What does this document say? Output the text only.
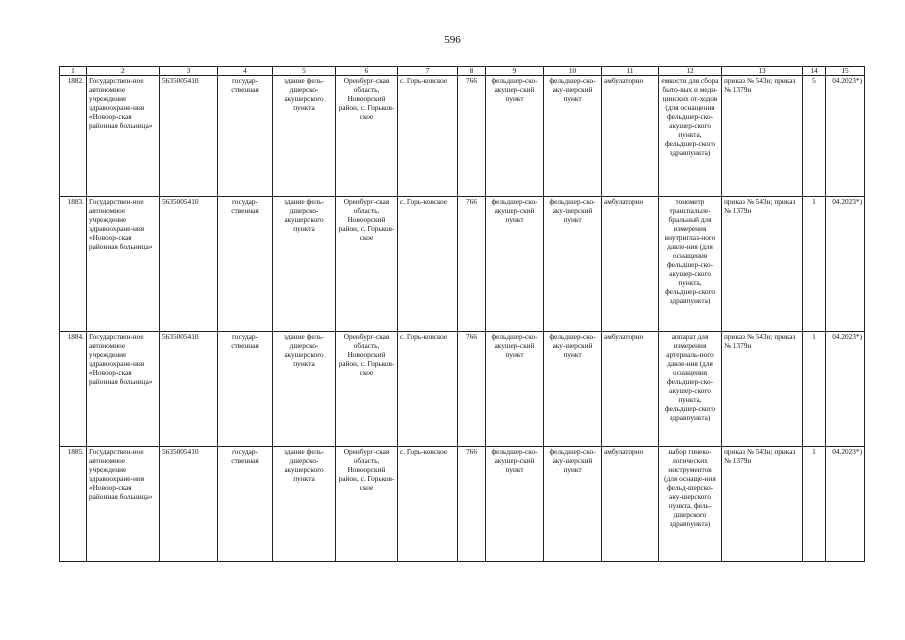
596
1	2	3	4	5	6	7	8	9	10	11	12	13	14	15
1882.	Государствен-ное автономное учреждение здравоохране-ния «Новоор-ская районная больница»	5635005410	государ-ственная	здание фель-дшерско-акушерского пункта	Оренбург-ская область, Новоорский район, с. Горьков-ское	с. Горь-ковское	766	фельдшер-ско-акушер-ский пункт	фельдшер-ско-аку-шерский пункт	амбулаторно	емкости для сбора быто-вых и меди-цинских от-ходов (для оснащения фельдшер-ско-акушер-ского пункта, фельдшер-ского здравпункта)	приказ № 543н; приказ № 1379н	5	04.2023*)
1883.	Государствен-ное автономное учреждение здравоохране-ния «Новоор-ская районная больница»	5635005410	государ-ственная	здание фель-дшерско-акушерского пункта	Оренбург-ская область, Новоорский район, с. Горьков-ское	с. Горь-ковское	766	фельдшер-ско-акушер-ский пункт	фельдшер-ско-аку-шерский пункт	амбулаторно	тонометр транспальпе-бральный для измерения внутриглаз-ного давле-ния (для оснащения фельдшер-ско-акушер-ского пункта, фельдшер-ского здравпункта)	приказ № 543н; приказ № 1379н	1	04.2023*)
1884.	Государствен-ное автономное учреждение здравоохране-ния «Новоор-ская районная больница»	5635005410	государ-ственная	здание фель-дшерско-акушерского пункта	Оренбург-ская область, Новоорский район, с. Горьков-ское	с. Горь-ковское	766	фельдшер-ско-акушер-ский пункт	фельдшер-ско-аку-шерский пункт	амбулаторно	аппарат для измерения артериаль-ного давле-ния (для оснащения фельдшер-ско-акушер-ского пункта, фельдшер-ского здравпункта)	приказ № 543н; приказ № 1379н	1	04.2023*)
1885.	Государствен-ное автономное учреждение здравоохране-ния «Новоор-ская районная больница»	5635005410	государ-ственная	здание фель-дшерско-акушерского пункта	Оренбург-ская область, Новоорский район, с. Горьков-ское	с. Горь-ковское	766	фельдшер-ско-акушер-ский пункт	фельдшер-ско-аку-шерский пункт	амбулаторно	набор гинеко-логических инструментов (для оснаще-ния фельд-шерско-аку-шерского пункта, фель-дшерского здравпункта)	приказ № 543н; приказ № 1379н	1	04.2023*)
